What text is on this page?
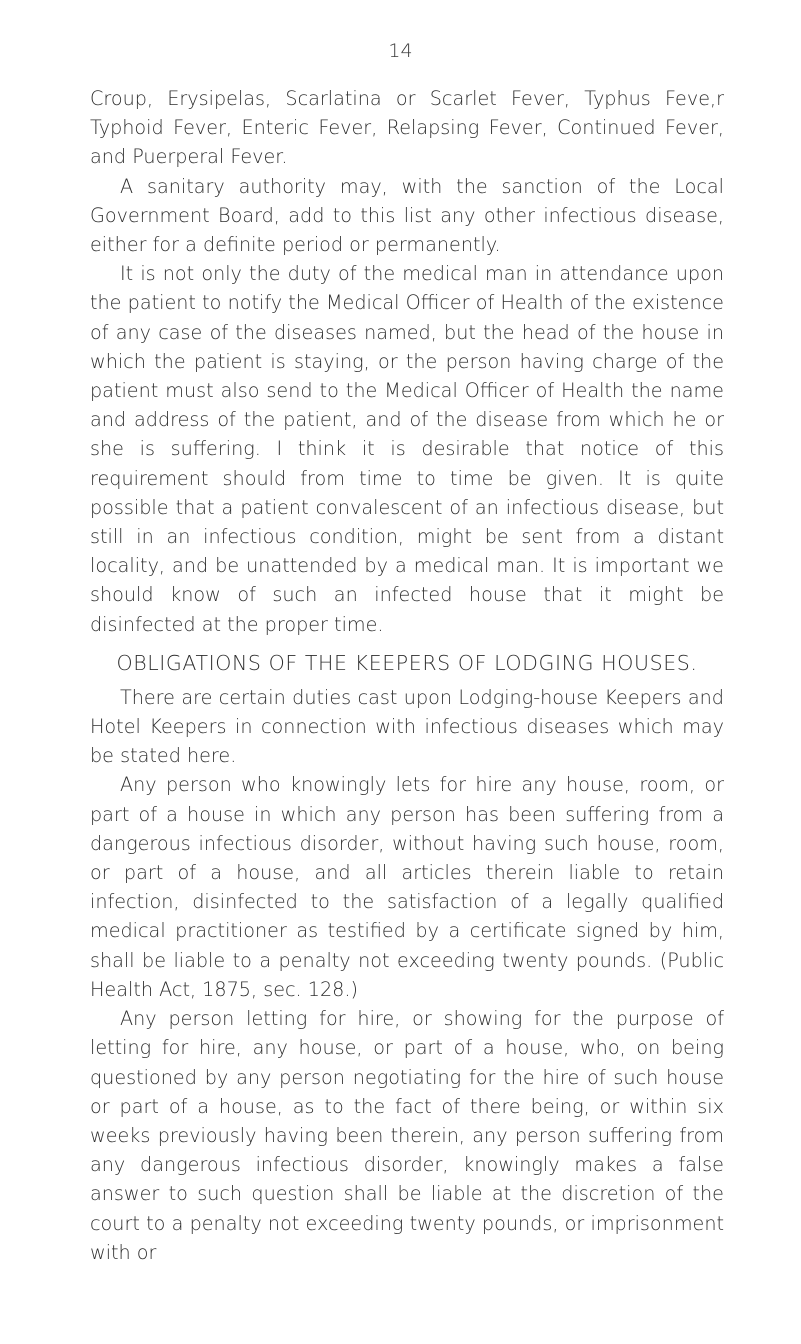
14

Croup, Erysipelas, Scarlatina or Scarlet Fever, Typhus Feve,r Typhoid Fever, Enteric Fever, Relapsing Fever, Continued Fever, and Puerperal Fever.

A sanitary authority may, with the sanction of the Local Government Board, add to this list any other infectious disease, either for a definite period or permanently.

It is not only the duty of the medical man in attendance upon the patient to notify the Medical Officer of Health of the existence of any case of the diseases named, but the head of the house in which the patient is staying, or the person having charge of the patient must also send to the Medical Officer of Health the name and address of the patient, and of the disease from which he or she is suffering. I think it is desirable that notice of this requirement should from time to time be given. It is quite possible that a patient convalescent of an infectious disease, but still in an infectious condition, might be sent from a distant locality, and be unattended by a medical man. It is important we should know of such an infected house that it might be disinfected at the proper time.

OBLIGATIONS OF THE KEEPERS OF LODGING HOUSES.

There are certain duties cast upon Lodging-house Keepers and Hotel Keepers in connection with infectious diseases which may be stated here.

Any person who knowingly lets for hire any house, room, or part of a house in which any person has been suffering from a dangerous infectious disorder, without having such house, room, or part of a house, and all articles therein liable to retain infection, disinfected to the satisfaction of a legally qualified medical practitioner as testified by a certificate signed by him, shall be liable to a penalty not exceeding twenty pounds. (Public Health Act, 1875, sec. 128.)

Any person letting for hire, or showing for the purpose of letting for hire, any house, or part of a house, who, on being questioned by any person negotiating for the hire of such house or part of a house, as to the fact of there being, or within six weeks previously having been therein, any person suffering from any dangerous infectious disorder, knowingly makes a false answer to such question shall be liable at the discretion of the court to a penalty not exceeding twenty pounds, or imprisonment with or
